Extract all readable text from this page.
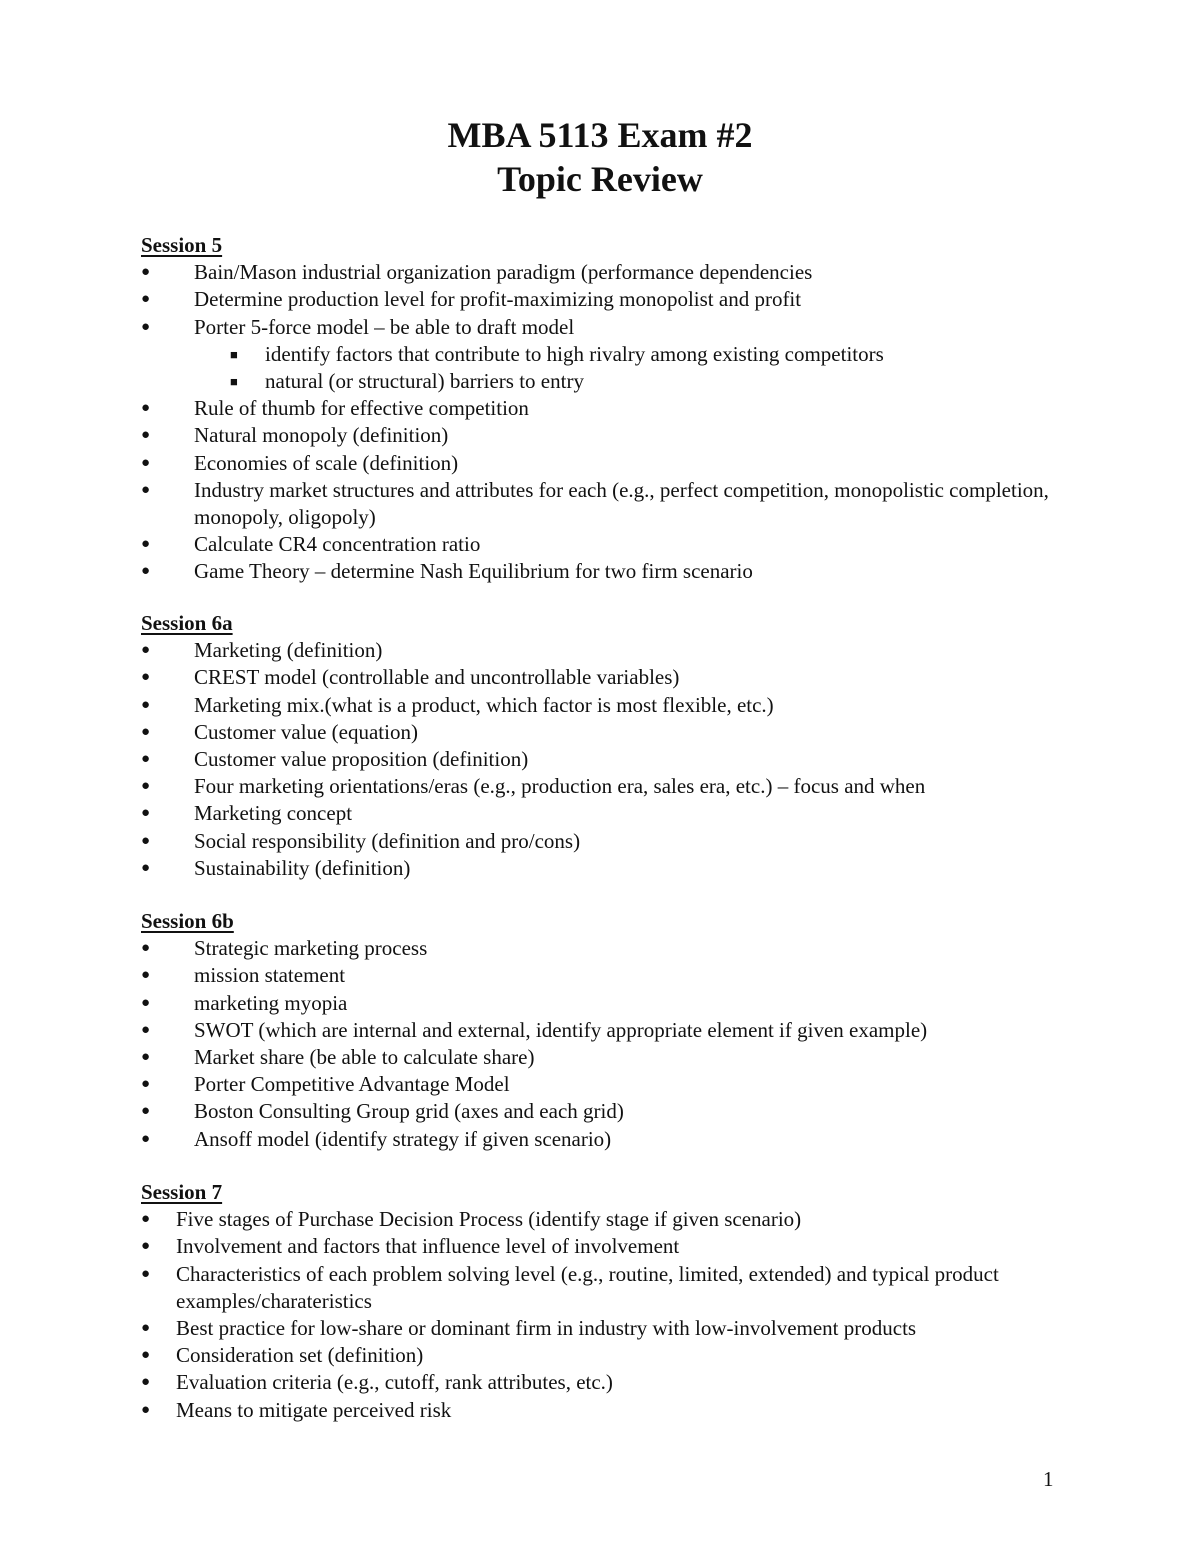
MBA 5113 Exam #2
Topic Review
Session 5
● Bain/Mason industrial organization paradigm (performance dependencies
● Determine production level for profit-maximizing monopolist and profit
● Porter 5-force model – be able to draft model
■ identify factors that contribute to high rivalry among existing competitors
■ natural (or structural) barriers to entry
● Rule of thumb for effective competition
● Natural monopoly (definition)
● Economies of scale (definition)
● Industry market structures and attributes for each (e.g., perfect competition, monopolistic completion, monopoly, oligopoly)
● Calculate CR4 concentration ratio
● Game Theory – determine Nash Equilibrium for two firm scenario
Session 6a
● Marketing (definition)
● CREST model (controllable and uncontrollable variables)
● Marketing mix.(what is a product, which factor is most flexible, etc.)
● Customer value (equation)
● Customer value proposition (definition)
● Four marketing orientations/eras (e.g., production era, sales era, etc.) – focus and when
● Marketing concept
● Social responsibility (definition and pro/cons)
● Sustainability (definition)
Session 6b
● Strategic marketing process
● mission statement
● marketing myopia
● SWOT (which are internal and external, identify appropriate element if given example)
● Market share (be able to calculate share)
● Porter Competitive Advantage Model
● Boston Consulting Group grid (axes and each grid)
● Ansoff model (identify strategy if given scenario)
Session 7
● Five stages of Purchase Decision Process (identify stage if given scenario)
● Involvement and factors that influence level of involvement
● Characteristics of each problem solving level (e.g., routine, limited, extended) and typical product examples/charateristics
● Best practice for low-share or dominant firm in industry with low-involvement products
● Consideration set (definition)
● Evaluation criteria (e.g., cutoff, rank attributes, etc.)
● Means to mitigate perceived risk
1
